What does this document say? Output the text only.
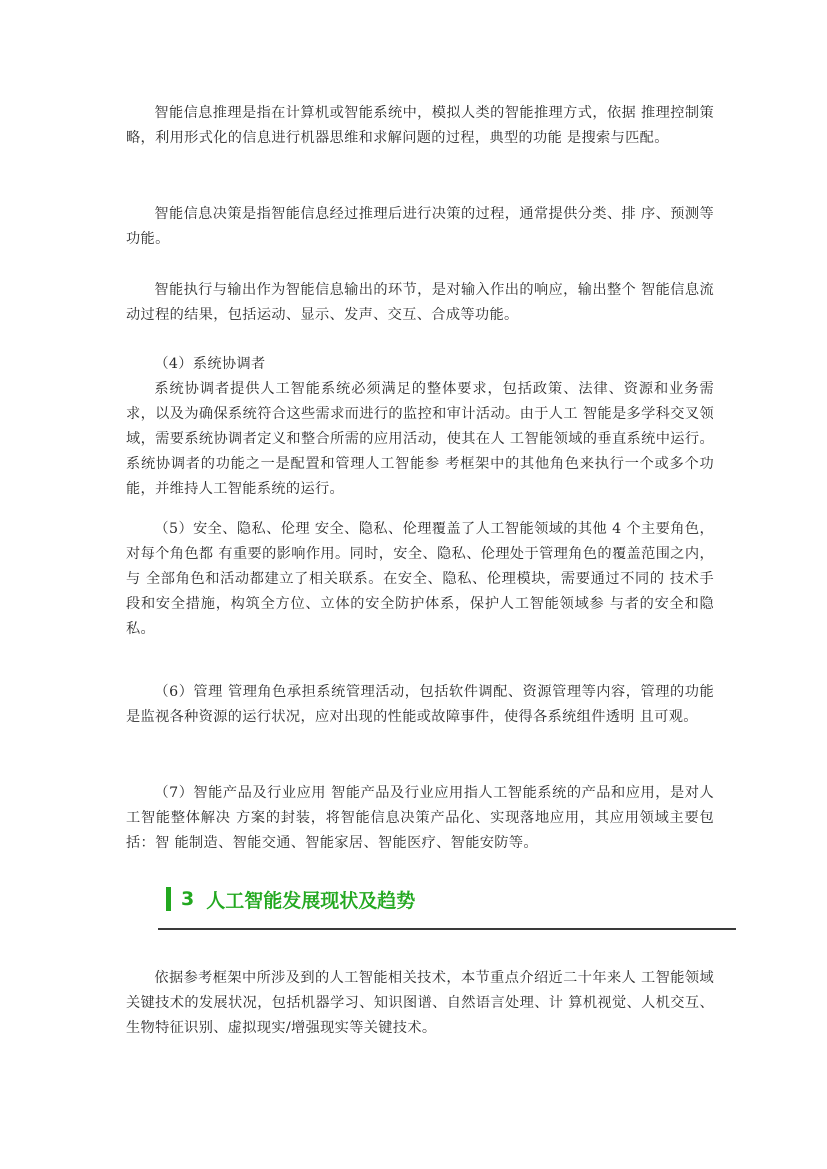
智能信息推理是指在计算机或智能系统中，模拟人类的智能推理方式，依据 推理控制策略，利用形式化的信息进行机器思维和求解问题的过程，典型的功能 是搜索与匹配。

智能信息决策是指智能信息经过推理后进行决策的过程，通常提供分类、排 序、预测等功能。

智能执行与输出作为智能信息输出的环节，是对输入作出的响应，输出整个 智能信息流动过程的结果，包括运动、显示、发声、交互、合成等功能。

（4）系统协调者

系统协调者提供人工智能系统必须满足的整体要求，包括政策、法律、资源和业务需求，以及为确保系统符合这些需求而进行的监控和审计活动。由于人工 智能是多学科交叉领域，需要系统协调者定义和整合所需的应用活动，使其在人 工智能领域的垂直系统中运行。系统协调者的功能之一是配置和管理人工智能参 考框架中的其他角色来执行一个或多个功能，并维持人工智能系统的运行。

（5）安全、隐私、伦理 安全、隐私、伦理覆盖了人工智能领域的其他 4 个主要角色，对每个角色都 有重要的影响作用。同时，安全、隐私、伦理处于管理角色的覆盖范围之内，与 全部角色和活动都建立了相关联系。在安全、隐私、伦理模块，需要通过不同的 技术手段和安全措施，构筑全方位、立体的安全防护体系，保护人工智能领域参 与者的安全和隐私。

（6）管理 管理角色承担系统管理活动，包括软件调配、资源管理等内容，管理的功能 是监视各种资源的运行状况，应对出现的性能或故障事件，使得各系统组件透明 且可观。

（7）智能产品及行业应用 智能产品及行业应用指人工智能系统的产品和应用，是对人工智能整体解决 方案的封装，将智能信息决策产品化、实现落地应用，其应用领域主要包括：智 能制造、智能交通、智能家居、智能医疗、智能安防等。

3 人工智能发展现状及趋势

依据参考框架中所涉及到的人工智能相关技术，本节重点介绍近二十年来人 工智能领域关键技术的发展状况，包括机器学习、知识图谱、自然语言处理、计 算机视觉、人机交互、生物特征识别、虚拟现实/增强现实等关键技术。
